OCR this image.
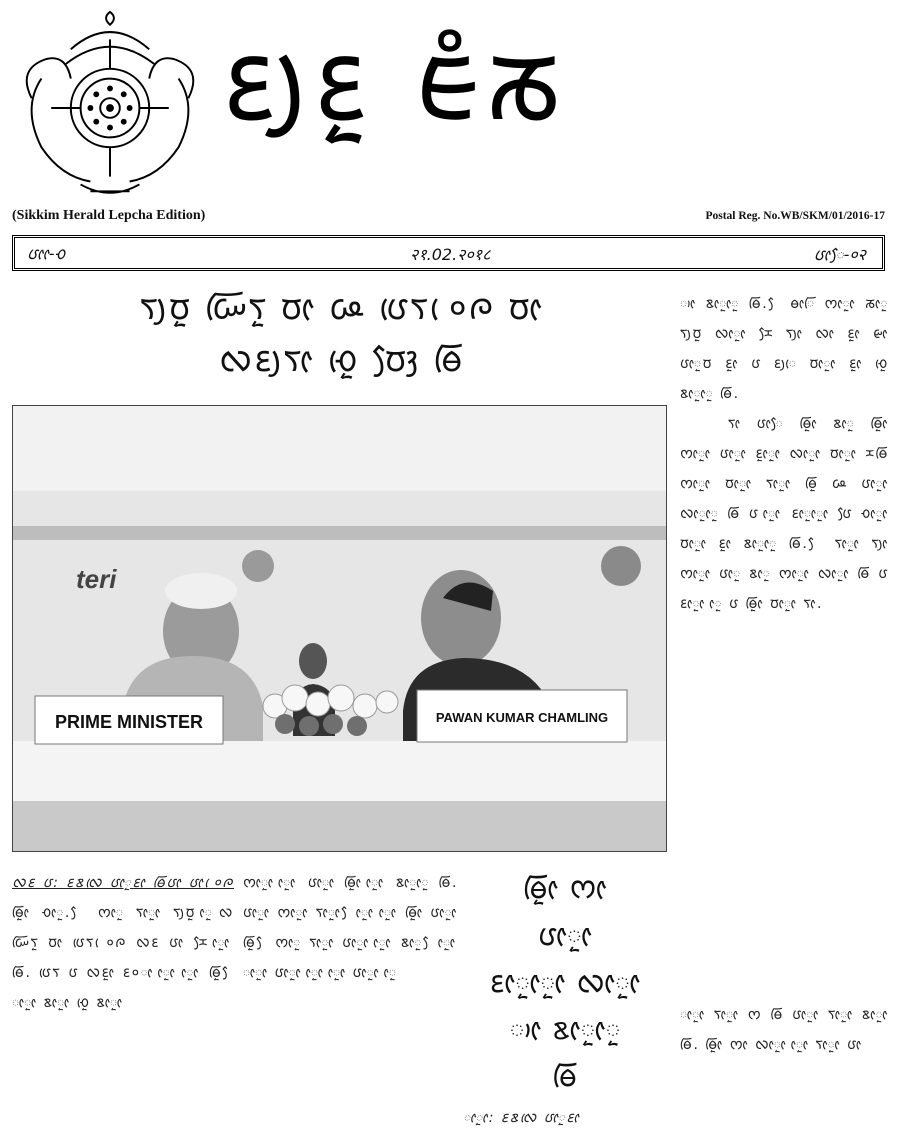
ᰚᰪᰚᰬ ᰀᰱᰕ
(Sikkim Herald Lepcha Edition)	Postal Reg. No.WB/SKM/01/2016-17
ᰂᰦᰦ-ᰆ	२१.02.२०१८	ᰂᰦᰧ-०२
ᰛᰪᰗᰬ ᰠᰩᰛᰬ ᰗᰦ ᰘ ᰂᰨᰛ ᰨ०ᰍ ᰗᰦ
ᰜᰚᰪᰛᰦ ᰆᰨᰬ ᰗᰧᰫ ᰟᰩ
teri
PRIME MINISTER	PAWAN KUMAR CHAMLING

ᰥᰦ ᰣᰦᰬᰦᰬ ᰟᰩ. ᰧ ᰟᰦᰩ ᰔᰦᰬᰦ ᰕᰦᰬ ᰛᰪᰗᰬ ᰜᰦᰬᰦ ᰌᰧ ᰛᰪᰦ ᰜᰦ ᰚᰬᰦ ᰡᰦ ᰂᰦᰬᰗ ᰚᰬᰦ ᰂ ᰚᰪᰨ ᰗᰦᰬᰦ ᰚᰬᰦ ᰆᰨᰬ ᰣᰦᰬᰦᰬ ᰟᰩ.

ᰛᰦ ᰂᰦᰧ ᰟᰩᰬᰦ ᰣᰦᰬ ᰟᰩᰬᰦ ᰔᰦᰬᰦ ᰂᰦᰬᰦ ᰚᰬᰦᰬᰦ ᰜᰦᰬᰦ ᰗᰦᰬᰦ ᰌᰟᰩ ᰔᰦᰬᰦ ᰗᰦᰬᰦ ᰛᰦᰬᰦ ᰟᰩᰬ ᰘ ᰂᰦᰬᰦ ᰜᰦᰬᰦᰬ ᰟᰩ ᰂ ᰦᰬᰦ ᰚᰦᰬᰦᰬᰦ ᰂᰧ ᰆᰦᰬᰦ ᰗᰦᰬᰦ ᰚᰬᰦ ᰣᰦᰬᰦᰬ ᰟᰩ. ᰧ ᰛᰦᰬᰦ ᰛᰪᰦ ᰔᰦᰬᰦ ᰂᰦᰬ ᰣᰦᰬ ᰔᰦᰬᰦ ᰜᰦᰬᰦ ᰟᰩ ᰂ ᰚᰦᰬᰦ ᰦᰬ ᰂ ᰟᰩᰬᰦ ᰗᰦᰬᰦ ᰛᰦ.

ᰜᰚ ᰂ: ᰚᰣᰜᰨ ᰂᰦᰬᰚᰦ ᰟᰩᰂᰦ ᰂᰦ ᰨ०ᰍ ᰟᰩᰬᰦ ᰆᰦᰬ. ᰧ ᰔᰦᰬ ᰛᰦᰬᰦ ᰛᰪᰗᰬ ᰦᰬᰜ ᰠᰩᰛᰬ ᰗᰦ ᰂᰨᰛ ᰨ०ᰍ ᰜᰚ ᰂᰦ ᰌᰧ ᰦᰬᰦ ᰟᰩ. ᰂᰨᰛ ᰂ ᰜᰚᰬᰦ ᰚ०ᰦ ᰦᰬᰦ ᰦᰬᰦ ᰟᰩᰬ ᰧ ᰦᰬᰦ ᰣᰦᰬᰦ ᰆᰨᰬ ᰣᰦᰬᰦ
ᰔᰦᰬᰦ ᰦᰬᰦ ᰂᰦᰬᰦ ᰟᰩᰬᰦ ᰦᰬᰦ ᰣᰦᰬᰦᰬ ᰟᰩ. ᰂᰦᰬᰦ ᰔᰦᰬᰦ ᰛᰦᰬᰦ ᰧ ᰦᰬᰦ ᰦᰬᰦ ᰟᰩᰬᰦ ᰂᰦᰬᰦ ᰟᰩᰬ ᰧ ᰔᰦᰬ ᰛᰦᰬᰦ ᰂᰦᰬᰦ ᰦᰬᰦ ᰣᰦᰬ ᰧ ᰦᰬᰦ ᰦᰬᰦ ᰂᰦᰬᰦ ᰦᰬᰦ ᰦᰬᰦ ᰂᰦᰬᰦ ᰦᰬ
ᰟᰩᰬᰦ ᰔᰦ
ᰂᰦᰬᰦ
ᰚᰦᰬᰦᰬᰦ ᰜᰦᰬᰦ
ᰥᰦ ᰣᰦᰬᰦᰬ
ᰟᰩ
ᰦᰬᰦ: ᰚᰣᰜᰨ ᰂᰦᰬᰚᰦ
ᰦᰬᰦ ᰛᰦᰬᰦ ᰔ ᰟᰩ ᰂᰦᰬᰦ ᰛᰦᰬᰦ ᰣᰦᰬᰦ ᰟᰩ. ᰟᰩᰬᰦ ᰔᰦ ᰜᰦᰬᰦ ᰦᰬᰦ ᰛᰦᰬᰦ ᰂᰦ
